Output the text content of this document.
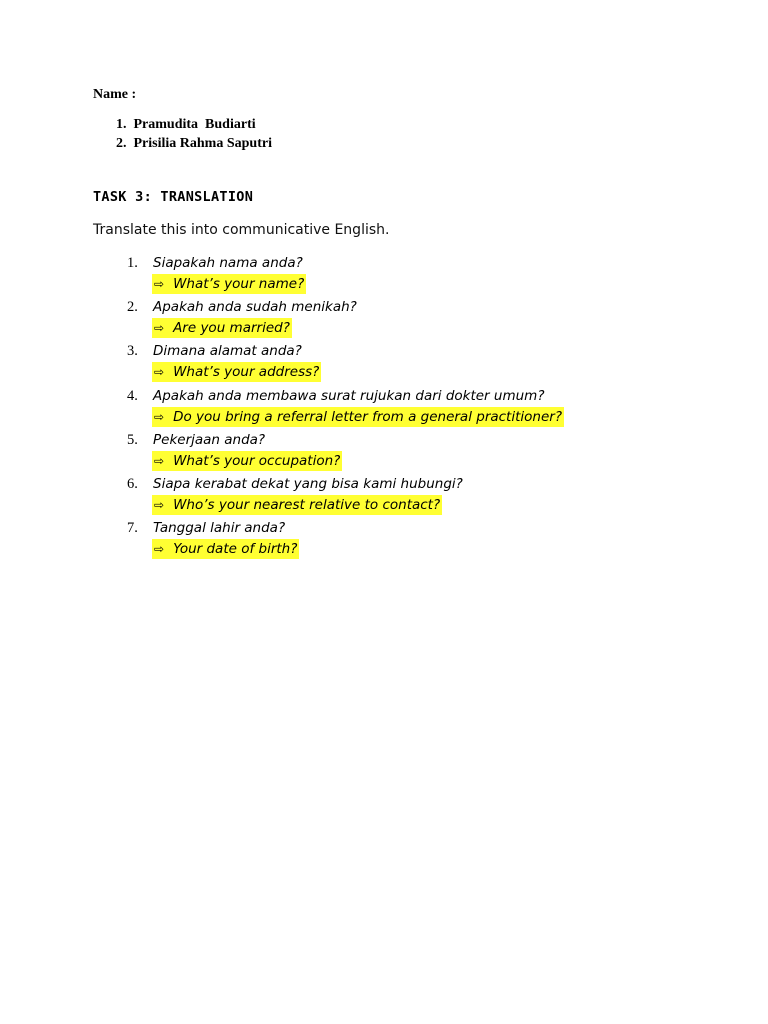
Name :
1. Pramudita  Budiarti
2. Prisilia Rahma Saputri
TASK 3: TRANSLATION
Translate this into communicative English.
1.	Siapakah nama anda?
⇨ What’s your name?
2.	Apakah anda sudah menikah?
⇨ Are you married?
3.	Dimana alamat anda?
⇨ What’s your address?
4.	Apakah anda membawa surat rujukan dari dokter umum?
⇨ Do you bring a referral letter from a general practitioner?
5.	Pekerjaan anda?
⇨ What’s your occupation?
6.	Siapa kerabat dekat yang bisa kami hubungi?
⇨ Who’s your nearest relative to contact?
7.	Tanggal lahir anda?
⇨ Your date of birth?
